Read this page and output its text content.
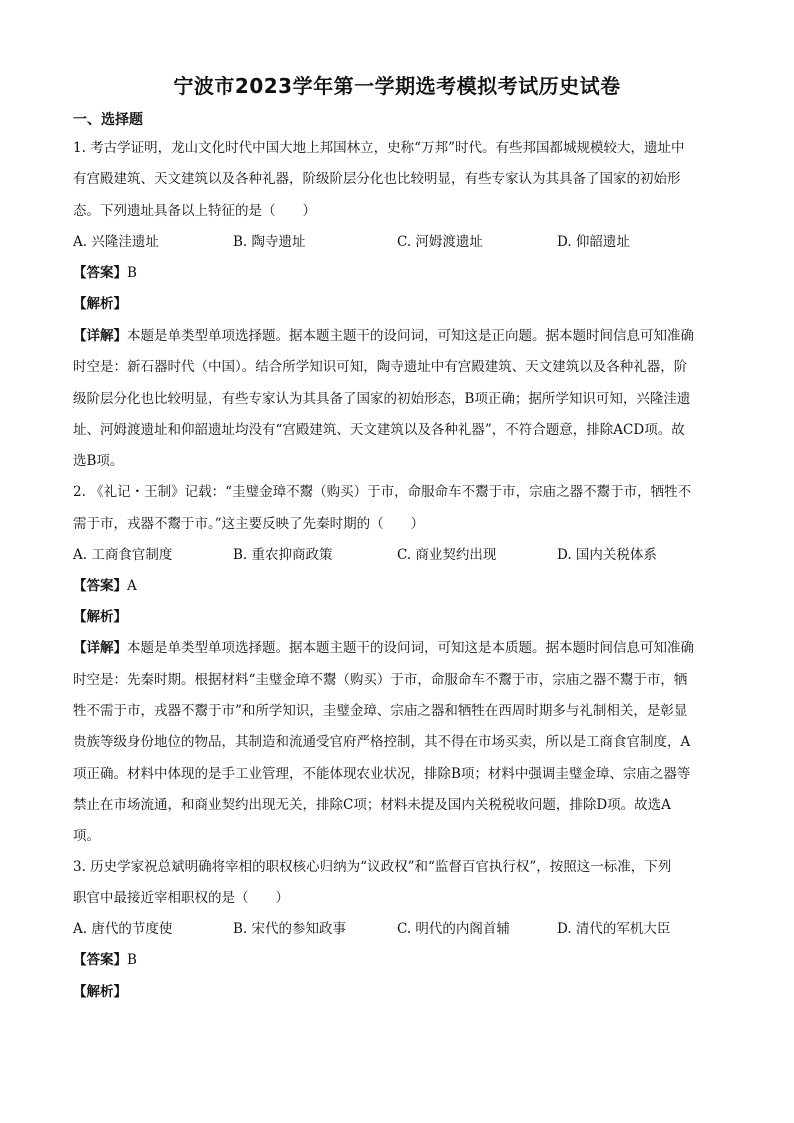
宁波市2023学年第一学期选考模拟考试历史试卷
一、选择题
1. 考古学证明，龙山文化时代中国大地上邦国林立，史称“万邦”时代。有些邦国都城规模较大，遗址中
有宫殿建筑、天文建筑以及各种礼器，阶级阶层分化也比较明显，有些专家认为其具备了国家的初始形
态。下列遗址具备以上特征的是（　　）
A. 兴隆洼遗址	B. 陶寺遗址	C. 河姆渡遗址	D. 仰韶遗址
【答案】B
【解析】
【详解】本题是单类型单项选择题。据本题主题干的设问词，可知这是正向题。据本题时间信息可知准确
时空是：新石器时代（中国）。结合所学知识可知，陶寺遗址中有宫殿建筑、天文建筑以及各种礼器，阶
级阶层分化也比较明显，有些专家认为其具备了国家的初始形态，B项正确；据所学知识可知，兴隆洼遗
址、河姆渡遗址和仰韶遗址均没有“宫殿建筑、天文建筑以及各种礼器”，不符合题意，排除ACD项。故
选B项。
2. 《礼记・王制》记载：“圭璧金璋不鬻（购买）于市，命服命车不鬻于市，宗庙之器不鬻于市，牺牲不
需于市，戎器不鬻于市。”这主要反映了先秦时期的（　　）
A. 工商食官制度	B. 重农抑商政策	C. 商业契约出现	D. 国内关税体系
【答案】A
【解析】
【详解】本题是单类型单项选择题。据本题主题干的设问词，可知这是本质题。据本题时间信息可知准确
时空是：先秦时期。根据材料“圭璧金璋不鬻（购买）于市，命服命车不鬻于市，宗庙之器不鬻于市，牺
牲不需于市，戎器不鬻于市”和所学知识，圭璧金璋、宗庙之器和牺牲在西周时期多与礼制相关，是彰显
贵族等级身份地位的物品，其制造和流通受官府严格控制，其不得在市场买卖，所以是工商食官制度，A
项正确。材料中体现的是手工业管理，不能体现农业状况，排除B项；材料中强调圭璧金璋、宗庙之器等
禁止在市场流通，和商业契约出现无关，排除C项；材料未提及国内关税税收问题，排除D项。故选A
项。
3. 历史学家祝总斌明确将宰相的职权核心归纳为“议政权”和“监督百官执行权”，按照这一标准，下列
职官中最接近宰相职权的是（　　）
A. 唐代的节度使	B. 宋代的参知政事	C. 明代的内阁首辅	D. 清代的军机大臣
【答案】B
【解析】
